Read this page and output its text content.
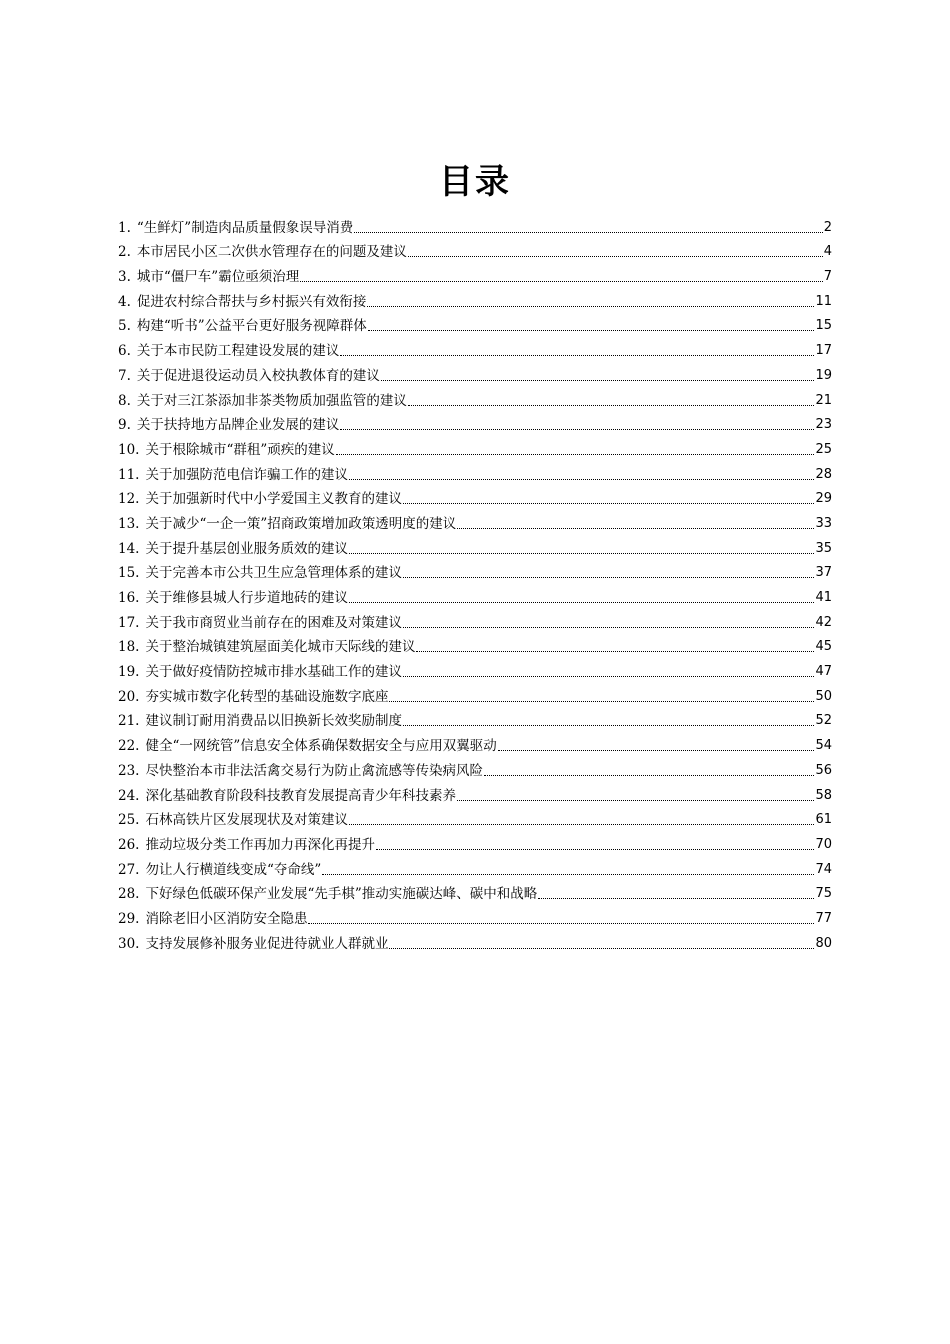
目录
1. “生鲜灯”制造肉品质量假象误导消费	2
2. 本市居民小区二次供水管理存在的问题及建议	4
3. 城市“僵尸车”霸位亟须治理	7
4. 促进农村综合帮扶与乡村振兴有效衔接	11
5. 构建“听书”公益平台更好服务视障群体	15
6. 关于本市民防工程建设发展的建议	17
7. 关于促进退役运动员入校执教体育的建议	19
8. 关于对三江茶添加非茶类物质加强监管的建议	21
9. 关于扶持地方品牌企业发展的建议	23
10. 关于根除城市“群租”顽疾的建议	25
11. 关于加强防范电信诈骗工作的建议	28
12. 关于加强新时代中小学爱国主义教育的建议	29
13. 关于减少“一企一策”招商政策增加政策透明度的建议	33
14. 关于提升基层创业服务质效的建议	35
15. 关于完善本市公共卫生应急管理体系的建议	37
16. 关于维修县城人行步道地砖的建议	41
17. 关于我市商贸业当前存在的困难及对策建议	42
18. 关于整治城镇建筑屋面美化城市天际线的建议	45
19. 关于做好疫情防控城市排水基础工作的建议	47
20. 夯实城市数字化转型的基础设施数字底座	50
21. 建议制订耐用消费品以旧换新长效奖励制度	52
22. 健全“一网统管”信息安全体系确保数据安全与应用双翼驱动	54
23. 尽快整治本市非法活禽交易行为防止禽流感等传染病风险	56
24. 深化基础教育阶段科技教育发展提高青少年科技素养	58
25. 石林高铁片区发展现状及对策建议	61
26. 推动垃圾分类工作再加力再深化再提升	70
27. 勿让人行横道线变成“夺命线”	74
28. 下好绿色低碳环保产业发展“先手棋”推动实施碳达峰、碳中和战略	75
29. 消除老旧小区消防安全隐患	77
30. 支持发展修补服务业促进待就业人群就业	80
